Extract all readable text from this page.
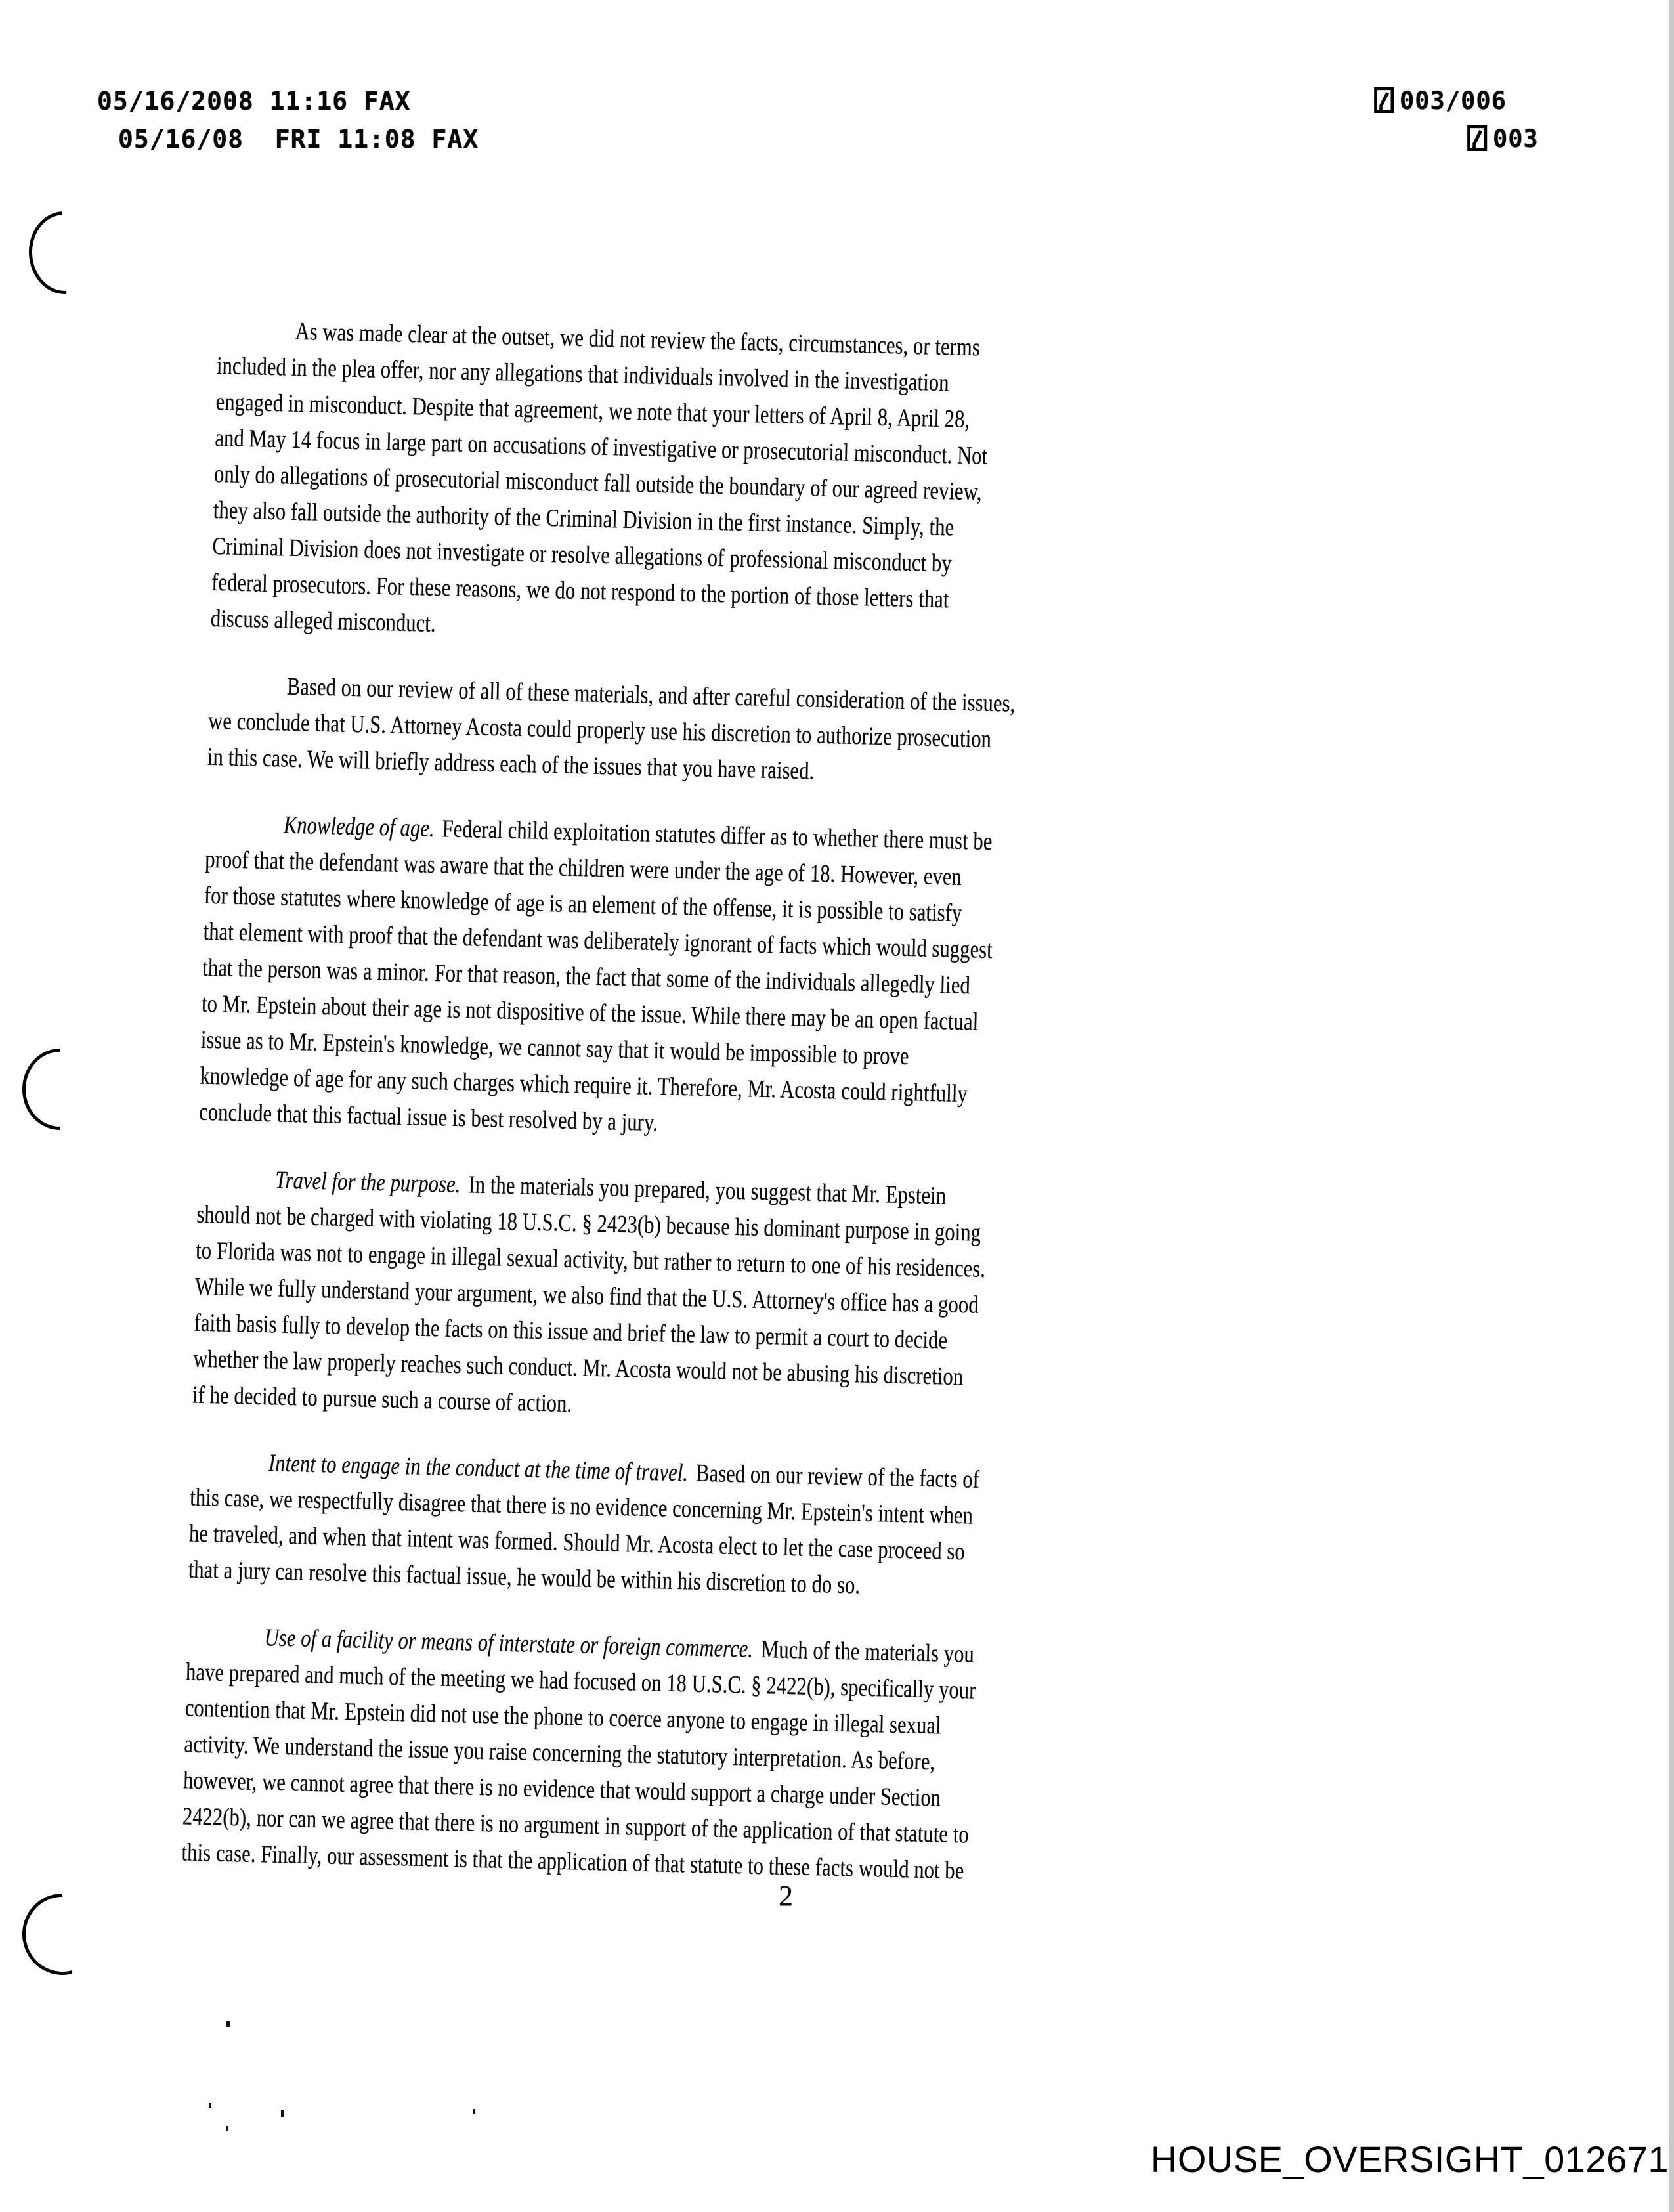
05/16/2008 11:16 FAX
05/16/08  FRI 11:08 FAX
003/006
003

As was made clear at the outset, we did not review the facts, circumstances, or terms
included in the plea offer, nor any allegations that individuals involved in the investigation
engaged in misconduct. Despite that agreement, we note that your letters of April 8, April 28,
and May 14 focus in large part on accusations of investigative or prosecutorial misconduct. Not
only do allegations of prosecutorial misconduct fall outside the boundary of our agreed review,
they also fall outside the authority of the Criminal Division in the first instance. Simply, the
Criminal Division does not investigate or resolve allegations of professional misconduct by
federal prosecutors. For these reasons, we do not respond to the portion of those letters that
discuss alleged misconduct.

Based on our review of all of these materials, and after careful consideration of the issues,
we conclude that U.S. Attorney Acosta could properly use his discretion to authorize prosecution
in this case. We will briefly address each of the issues that you have raised.

Knowledge of age. Federal child exploitation statutes differ as to whether there must be
proof that the defendant was aware that the children were under the age of 18. However, even
for those statutes where knowledge of age is an element of the offense, it is possible to satisfy
that element with proof that the defendant was deliberately ignorant of facts which would suggest
that the person was a minor. For that reason, the fact that some of the individuals allegedly lied
to Mr. Epstein about their age is not dispositive of the issue. While there may be an open factual
issue as to Mr. Epstein's knowledge, we cannot say that it would be impossible to prove
knowledge of age for any such charges which require it. Therefore, Mr. Acosta could rightfully
conclude that this factual issue is best resolved by a jury.

Travel for the purpose. In the materials you prepared, you suggest that Mr. Epstein
should not be charged with violating 18 U.S.C. § 2423(b) because his dominant purpose in going
to Florida was not to engage in illegal sexual activity, but rather to return to one of his residences.
While we fully understand your argument, we also find that the U.S. Attorney's office has a good
faith basis fully to develop the facts on this issue and brief the law to permit a court to decide
whether the law properly reaches such conduct. Mr. Acosta would not be abusing his discretion
if he decided to pursue such a course of action.

Intent to engage in the conduct at the time of travel. Based on our review of the facts of
this case, we respectfully disagree that there is no evidence concerning Mr. Epstein's intent when
he traveled, and when that intent was formed. Should Mr. Acosta elect to let the case proceed so
that a jury can resolve this factual issue, he would be within his discretion to do so.

Use of a facility or means of interstate or foreign commerce. Much of the materials you
have prepared and much of the meeting we had focused on 18 U.S.C. § 2422(b), specifically your
contention that Mr. Epstein did not use the phone to coerce anyone to engage in illegal sexual
activity. We understand the issue you raise concerning the statutory interpretation. As before,
however, we cannot agree that there is no evidence that would support a charge under Section
2422(b), nor can we agree that there is no argument in support of the application of that statute to
this case. Finally, our assessment is that the application of that statute to these facts would not be

2
HOUSE_OVERSIGHT_012671
